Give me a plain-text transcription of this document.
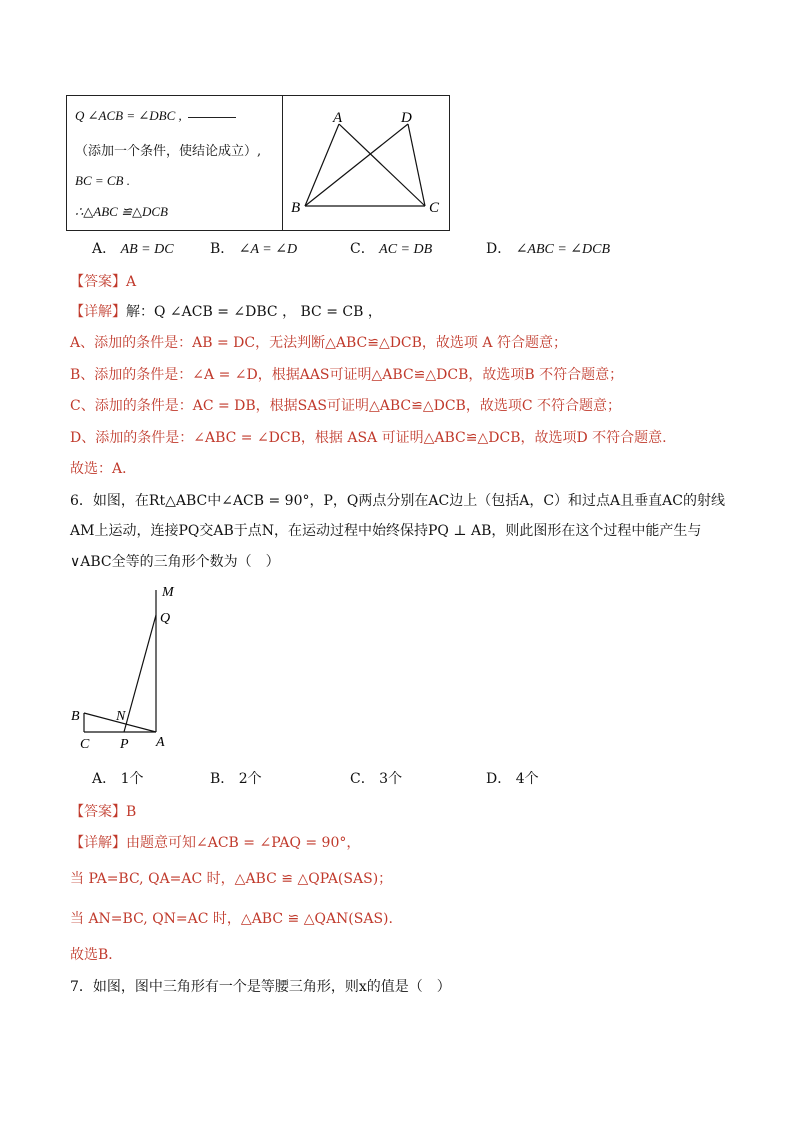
Q ∠ACB = ∠DBC ,
（添加一个条件，使结论成立）,
BC = CB .
∴△ABC ≌△DCB
A	D
B	C
A． AB = DC	B． ∠A = ∠D	C． AC = DB	D． ∠ABC = ∠DCB
【答案】A
【详解】解：Q ∠ACB = ∠DBC ， BC = CB ，
A、添加的条件是：AB = DC，无法判断△ABC≌△DCB，故选项 A 符合题意；
B、添加的条件是：∠A = ∠D，根据AAS可证明△ABC≌△DCB，故选项B 不符合题意；
C、添加的条件是：AC = DB，根据SAS可证明△ABC≌△DCB，故选项C 不符合题意；
D、添加的条件是：∠ABC = ∠DCB，根据 ASA 可证明△ABC≌△DCB，故选项D 不符合题意.
故选：A．
6．如图，在Rt△ABC中∠ACB = 90°，P，Q两点分别在AC边上（包括A，C）和过点A且垂直AC的射线
AM上运动，连接PQ交AB于点N，在运动过程中始终保持PQ ⊥ AB，则此图形在这个过程中能产生与
∨ABC全等的三角形个数为（　）
M
Q
B	N
C P A
A． 1个	B． 2个	C． 3个	D． 4个
【答案】B
【详解】由题意可知∠ACB = ∠PAQ = 90°，
当 PA=BC, QA=AC 时，△ABC ≌ △QPA(SAS)；
当 AN=BC, QN=AC 时，△ABC ≌ △QAN(SAS).
故选B．
7．如图，图中三角形有一个是等腰三角形，则x的值是（　）
